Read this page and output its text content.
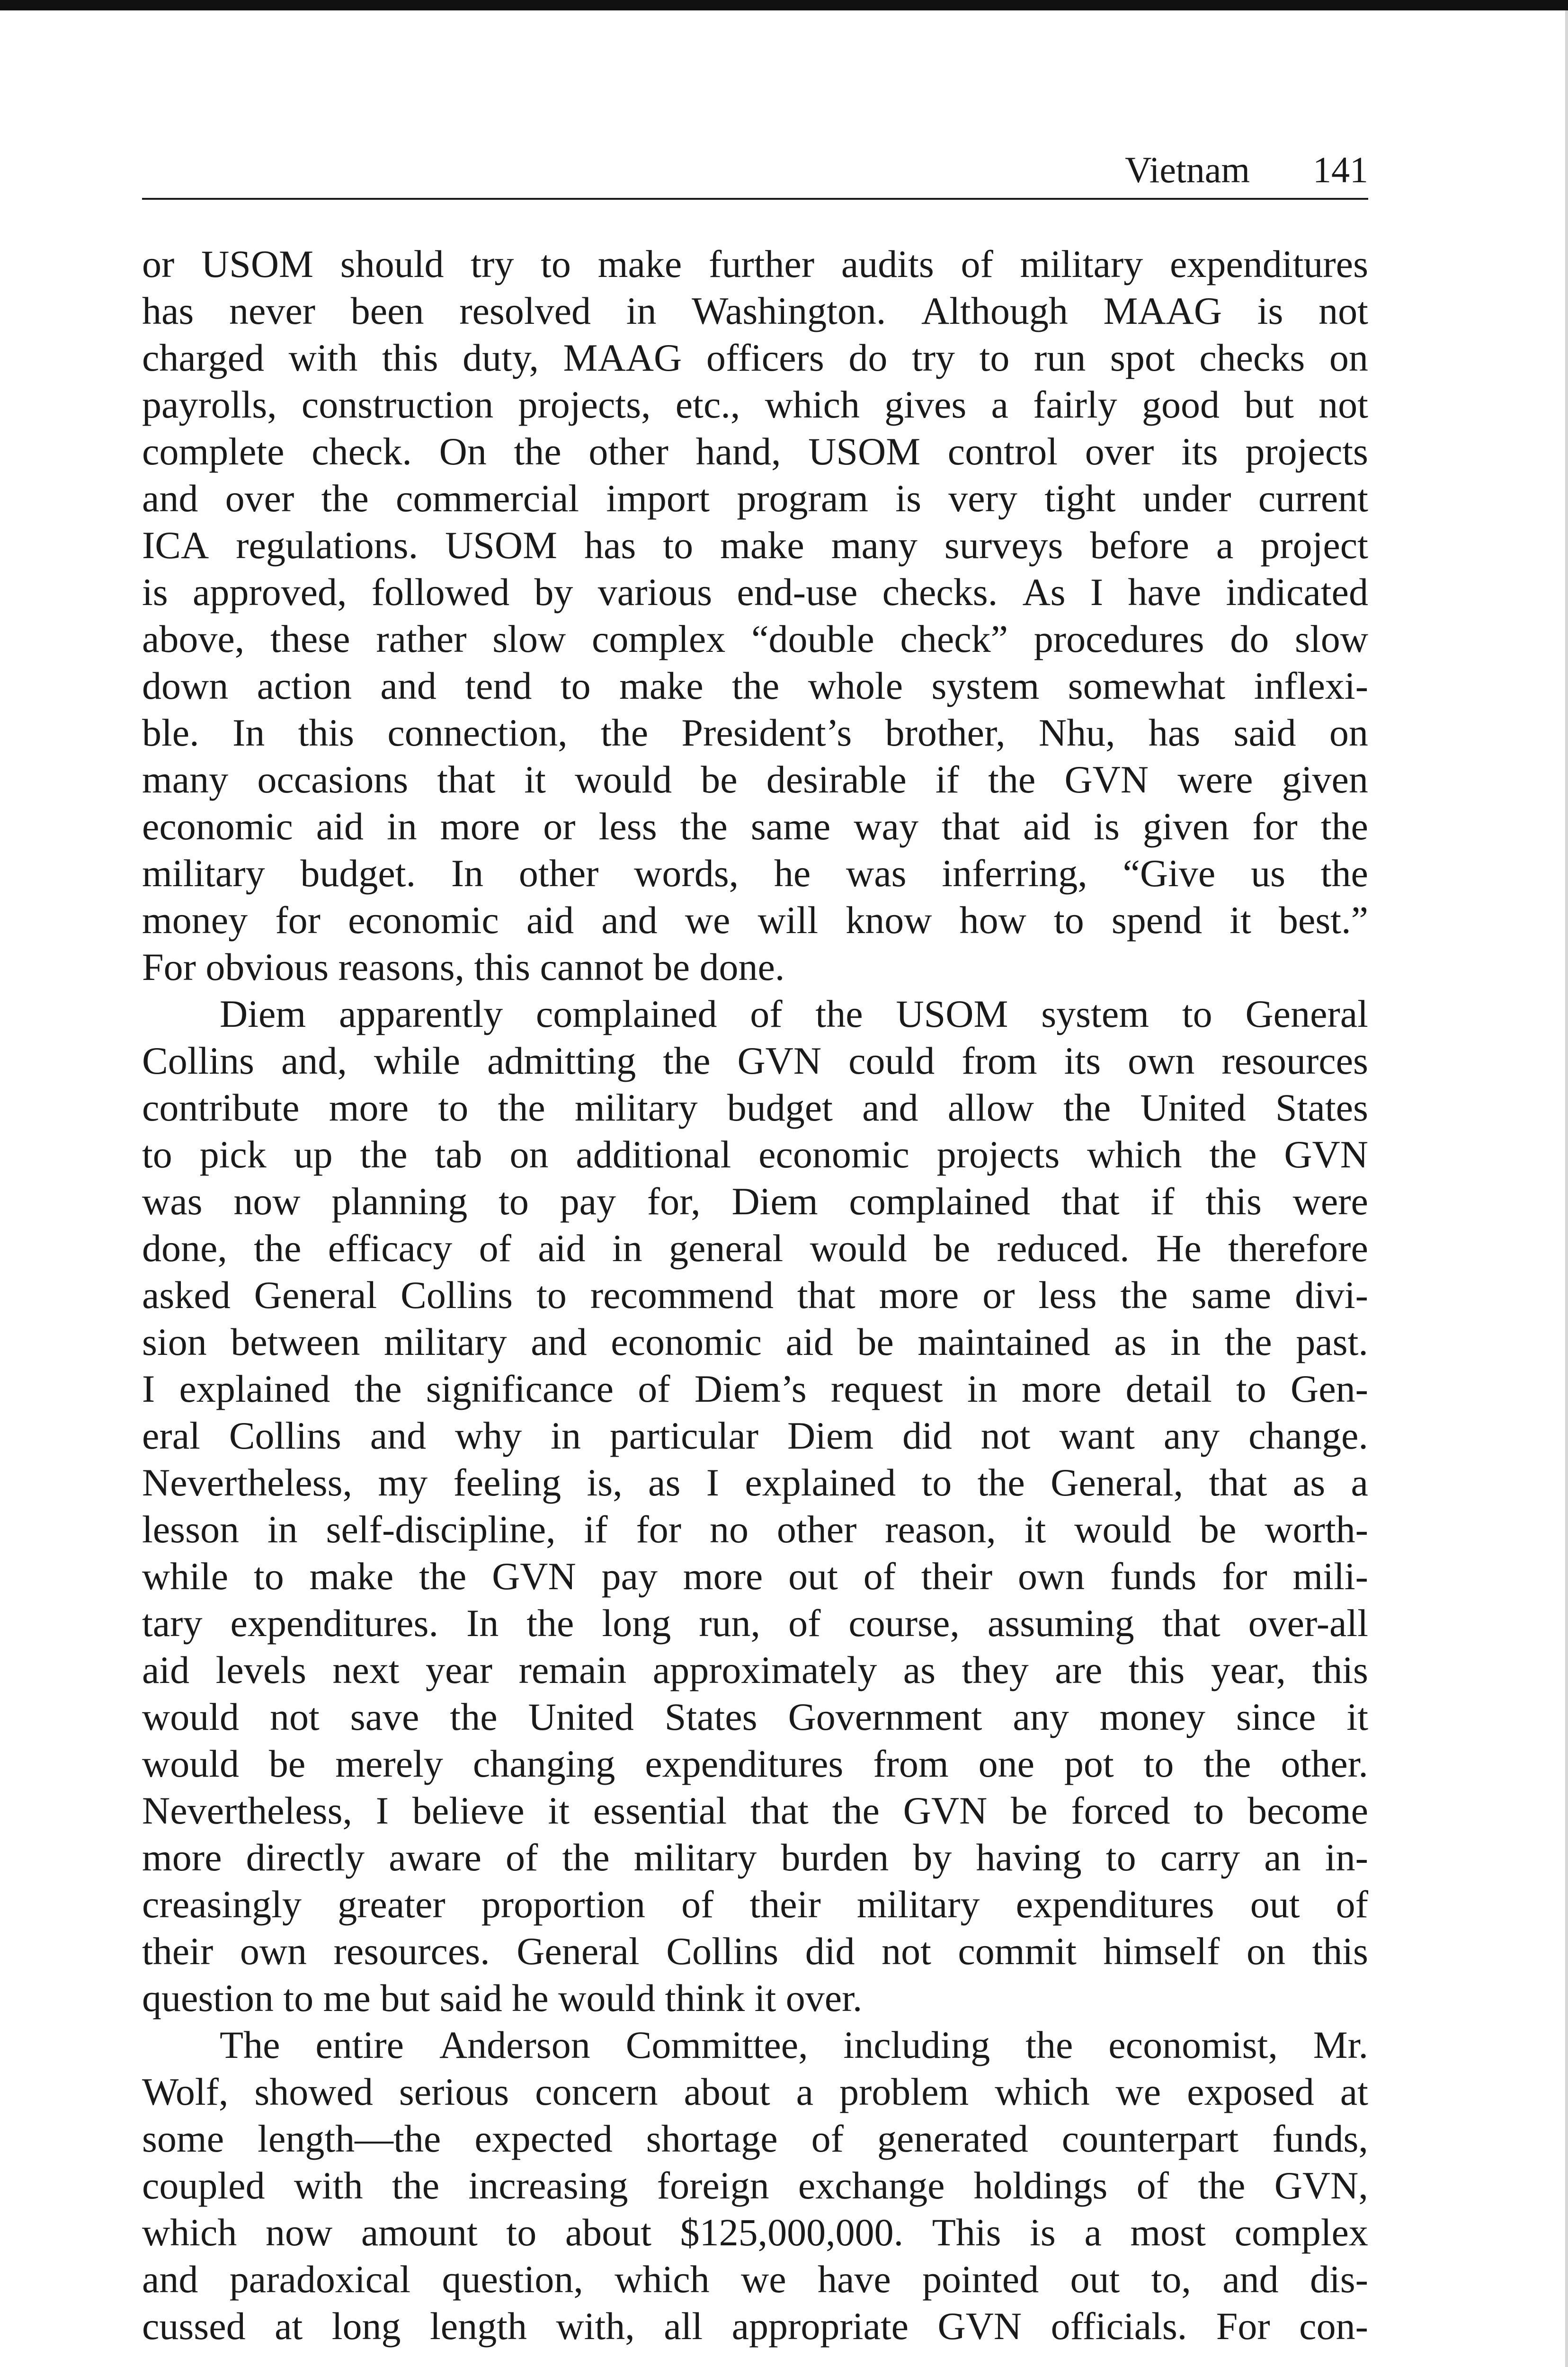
Vietnam 141
or USOM should try to make further audits of military expenditures
has never been resolved in Washington. Although MAAG is not
charged with this duty, MAAG officers do try to run spot checks on
payrolls, construction projects, etc., which gives a fairly good but not
complete check. On the other hand, USOM control over its projects
and over the commercial import program is very tight under current
ICA regulations. USOM has to make many surveys before a project
is approved, followed by various end-use checks. As I have indicated
above, these rather slow complex “double check” procedures do slow
down action and tend to make the whole system somewhat inflexi-
ble. In this connection, the President’s brother, Nhu, has said on
many occasions that it would be desirable if the GVN were given
economic aid in more or less the same way that aid is given for the
military budget. In other words, he was inferring, “Give us the
money for economic aid and we will know how to spend it best.”
For obvious reasons, this cannot be done.
Diem apparently complained of the USOM system to General
Collins and, while admitting the GVN could from its own resources
contribute more to the military budget and allow the United States
to pick up the tab on additional economic projects which the GVN
was now planning to pay for, Diem complained that if this were
done, the efficacy of aid in general would be reduced. He therefore
asked General Collins to recommend that more or less the same divi-
sion between military and economic aid be maintained as in the past.
I explained the significance of Diem’s request in more detail to Gen-
eral Collins and why in particular Diem did not want any change.
Nevertheless, my feeling is, as I explained to the General, that as a
lesson in self-discipline, if for no other reason, it would be worth-
while to make the GVN pay more out of their own funds for mili-
tary expenditures. In the long run, of course, assuming that over-all
aid levels next year remain approximately as they are this year, this
would not save the United States Government any money since it
would be merely changing expenditures from one pot to the other.
Nevertheless, I believe it essential that the GVN be forced to become
more directly aware of the military burden by having to carry an in-
creasingly greater proportion of their military expenditures out of
their own resources. General Collins did not commit himself on this
question to me but said he would think it over.
The entire Anderson Committee, including the economist, Mr.
Wolf, showed serious concern about a problem which we exposed at
some length—the expected shortage of generated counterpart funds,
coupled with the increasing foreign exchange holdings of the GVN,
which now amount to about $125,000,000. This is a most complex
and paradoxical question, which we have pointed out to, and dis-
cussed at long length with, all appropriate GVN officials. For con-
